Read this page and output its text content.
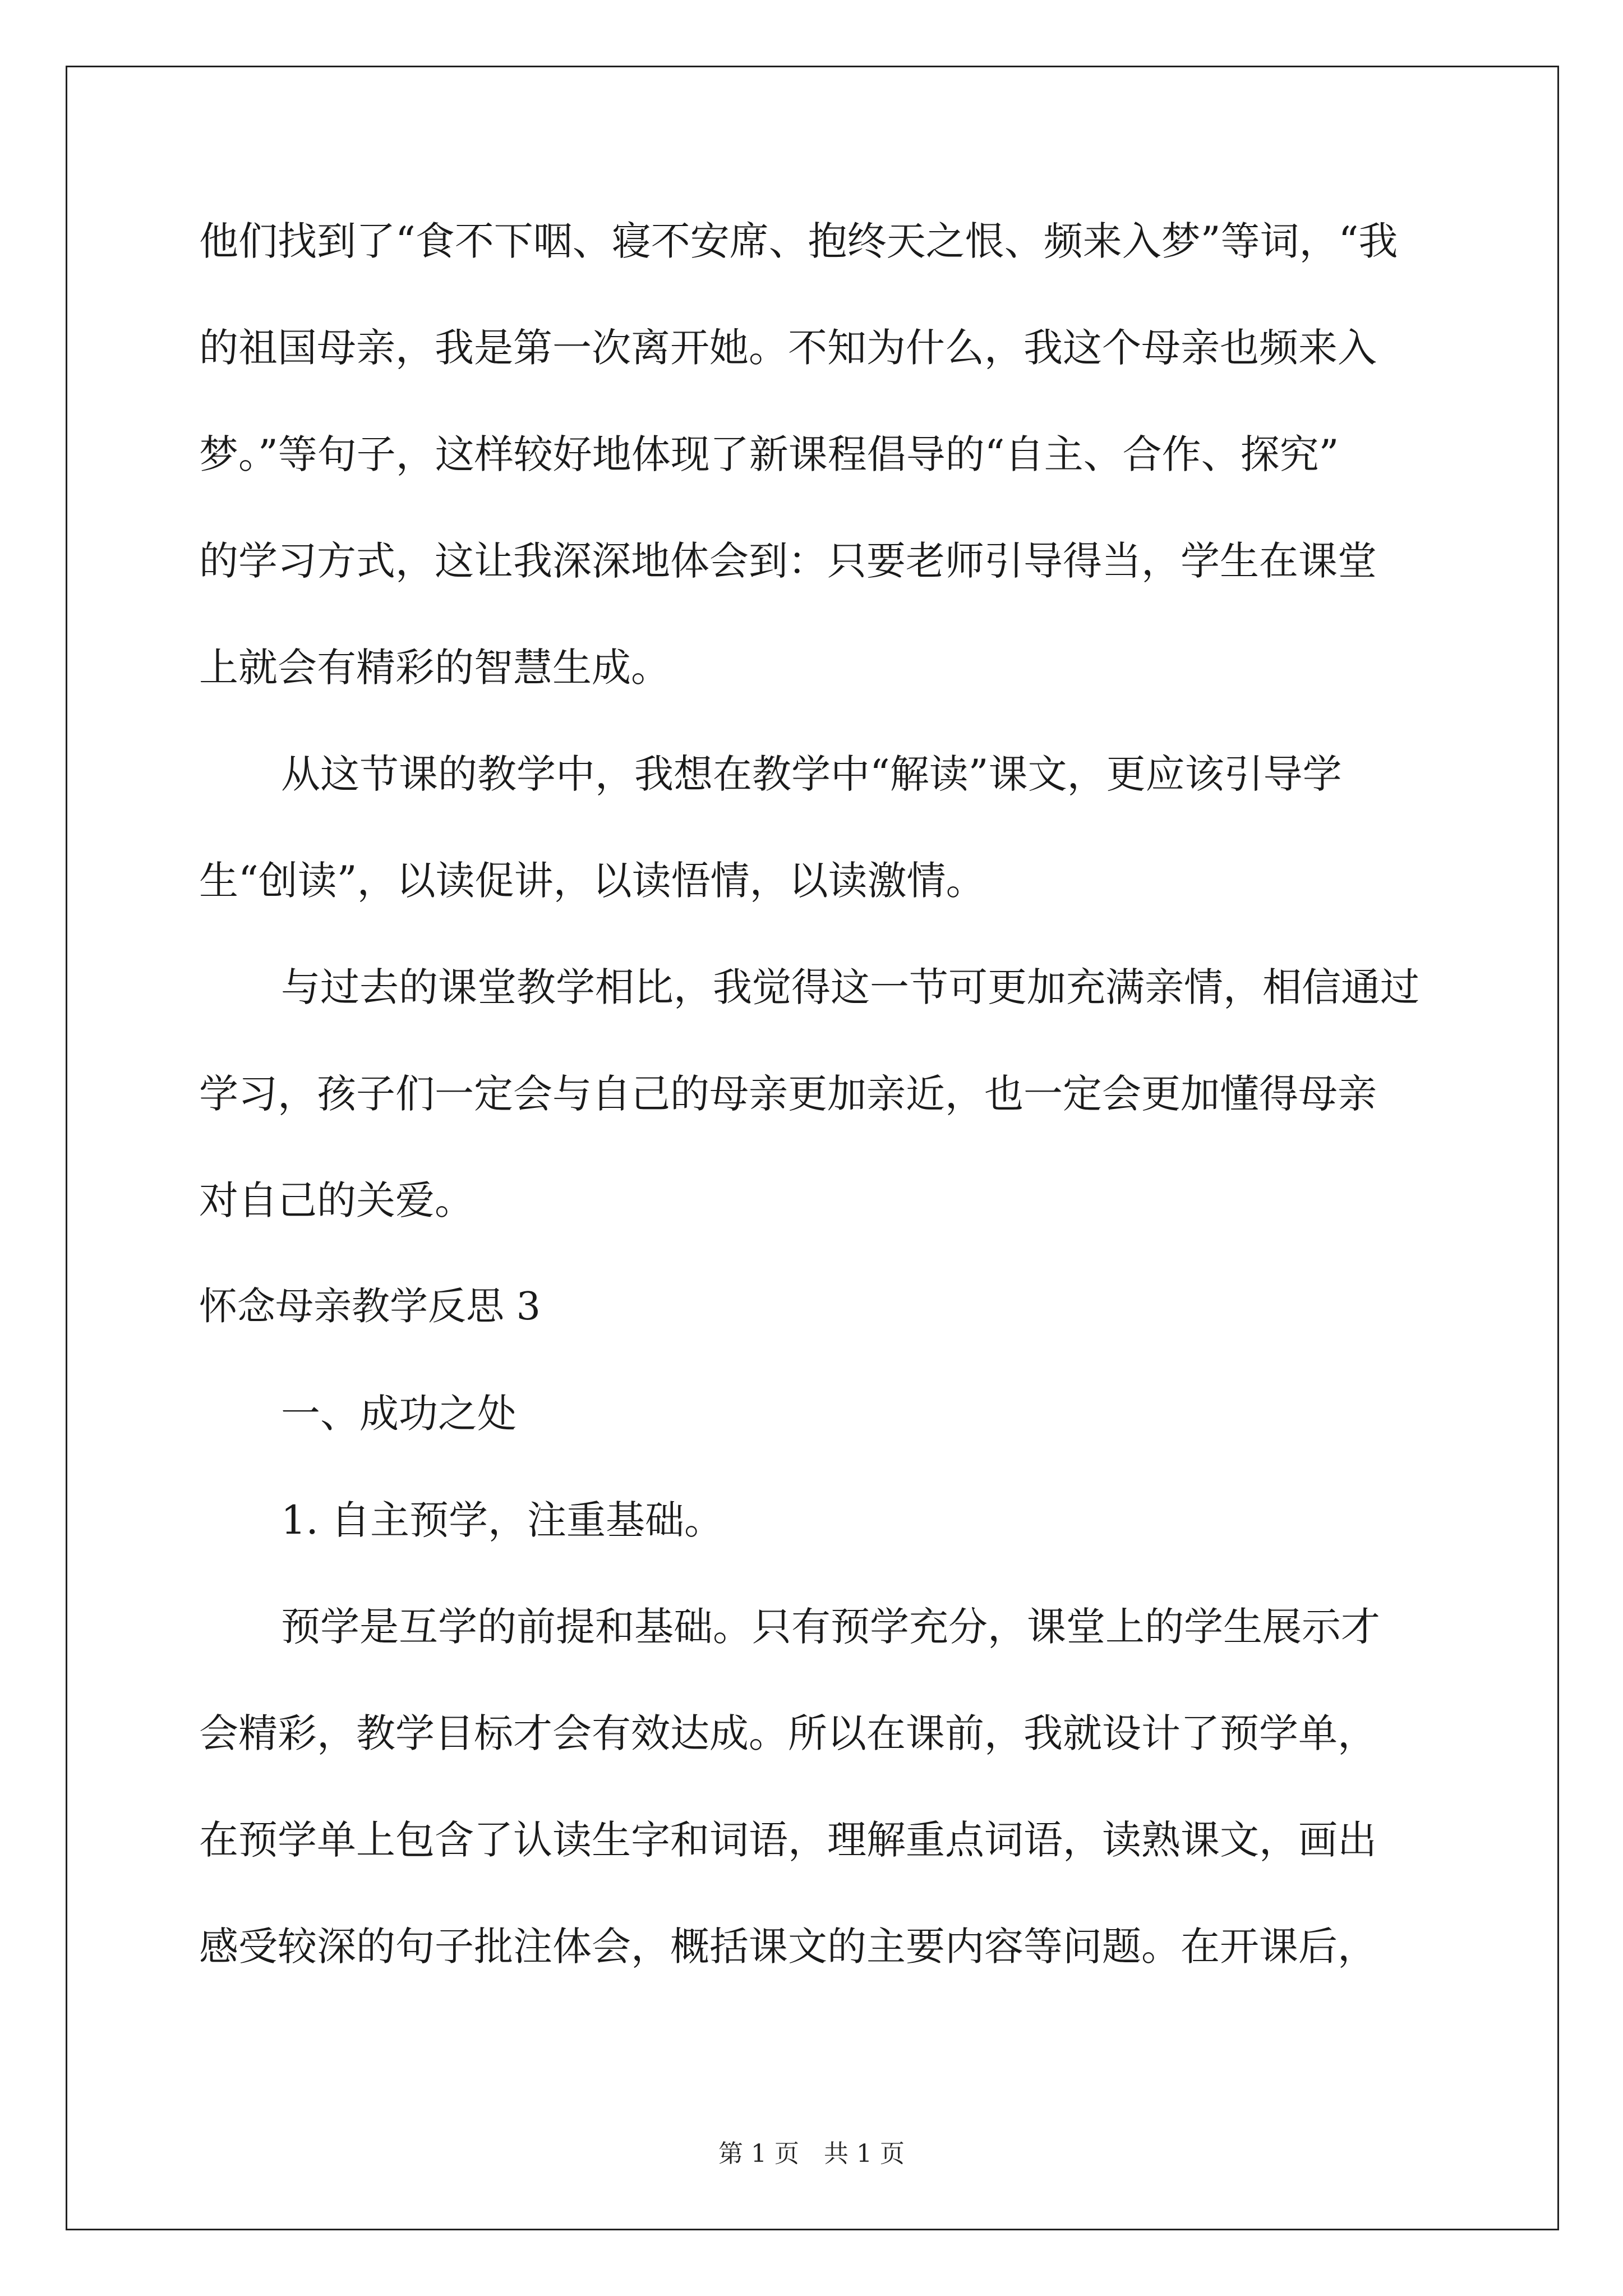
他们找到了“食不下咽、寝不安席、抱终天之恨、频来入梦”等词，“我
的祖国母亲，我是第一次离开她。不知为什么，我这个母亲也频来入
梦。”等句子，这样较好地体现了新课程倡导的“自主、合作、探究”
的学习方式，这让我深深地体会到：只要老师引导得当，学生在课堂
上就会有精彩的智慧生成。
从这节课的教学中，我想在教学中“解读”课文，更应该引导学
生“创读”，以读促讲，以读悟情，以读激情。
与过去的课堂教学相比，我觉得这一节可更加充满亲情，相信通过
学习，孩子们一定会与自己的母亲更加亲近，也一定会更加懂得母亲
对自己的关爱。
怀念母亲教学反思 3
一、成功之处
1. 自主预学，注重基础。
预学是互学的前提和基础。只有预学充分，课堂上的学生展示才
会精彩，教学目标才会有效达成。所以在课前，我就设计了预学单，
在预学单上包含了认读生字和词语，理解重点词语，读熟课文，画出
感受较深的句子批注体会，概括课文的主要内容等问题。在开课后，
第 1 页　共 1 页
